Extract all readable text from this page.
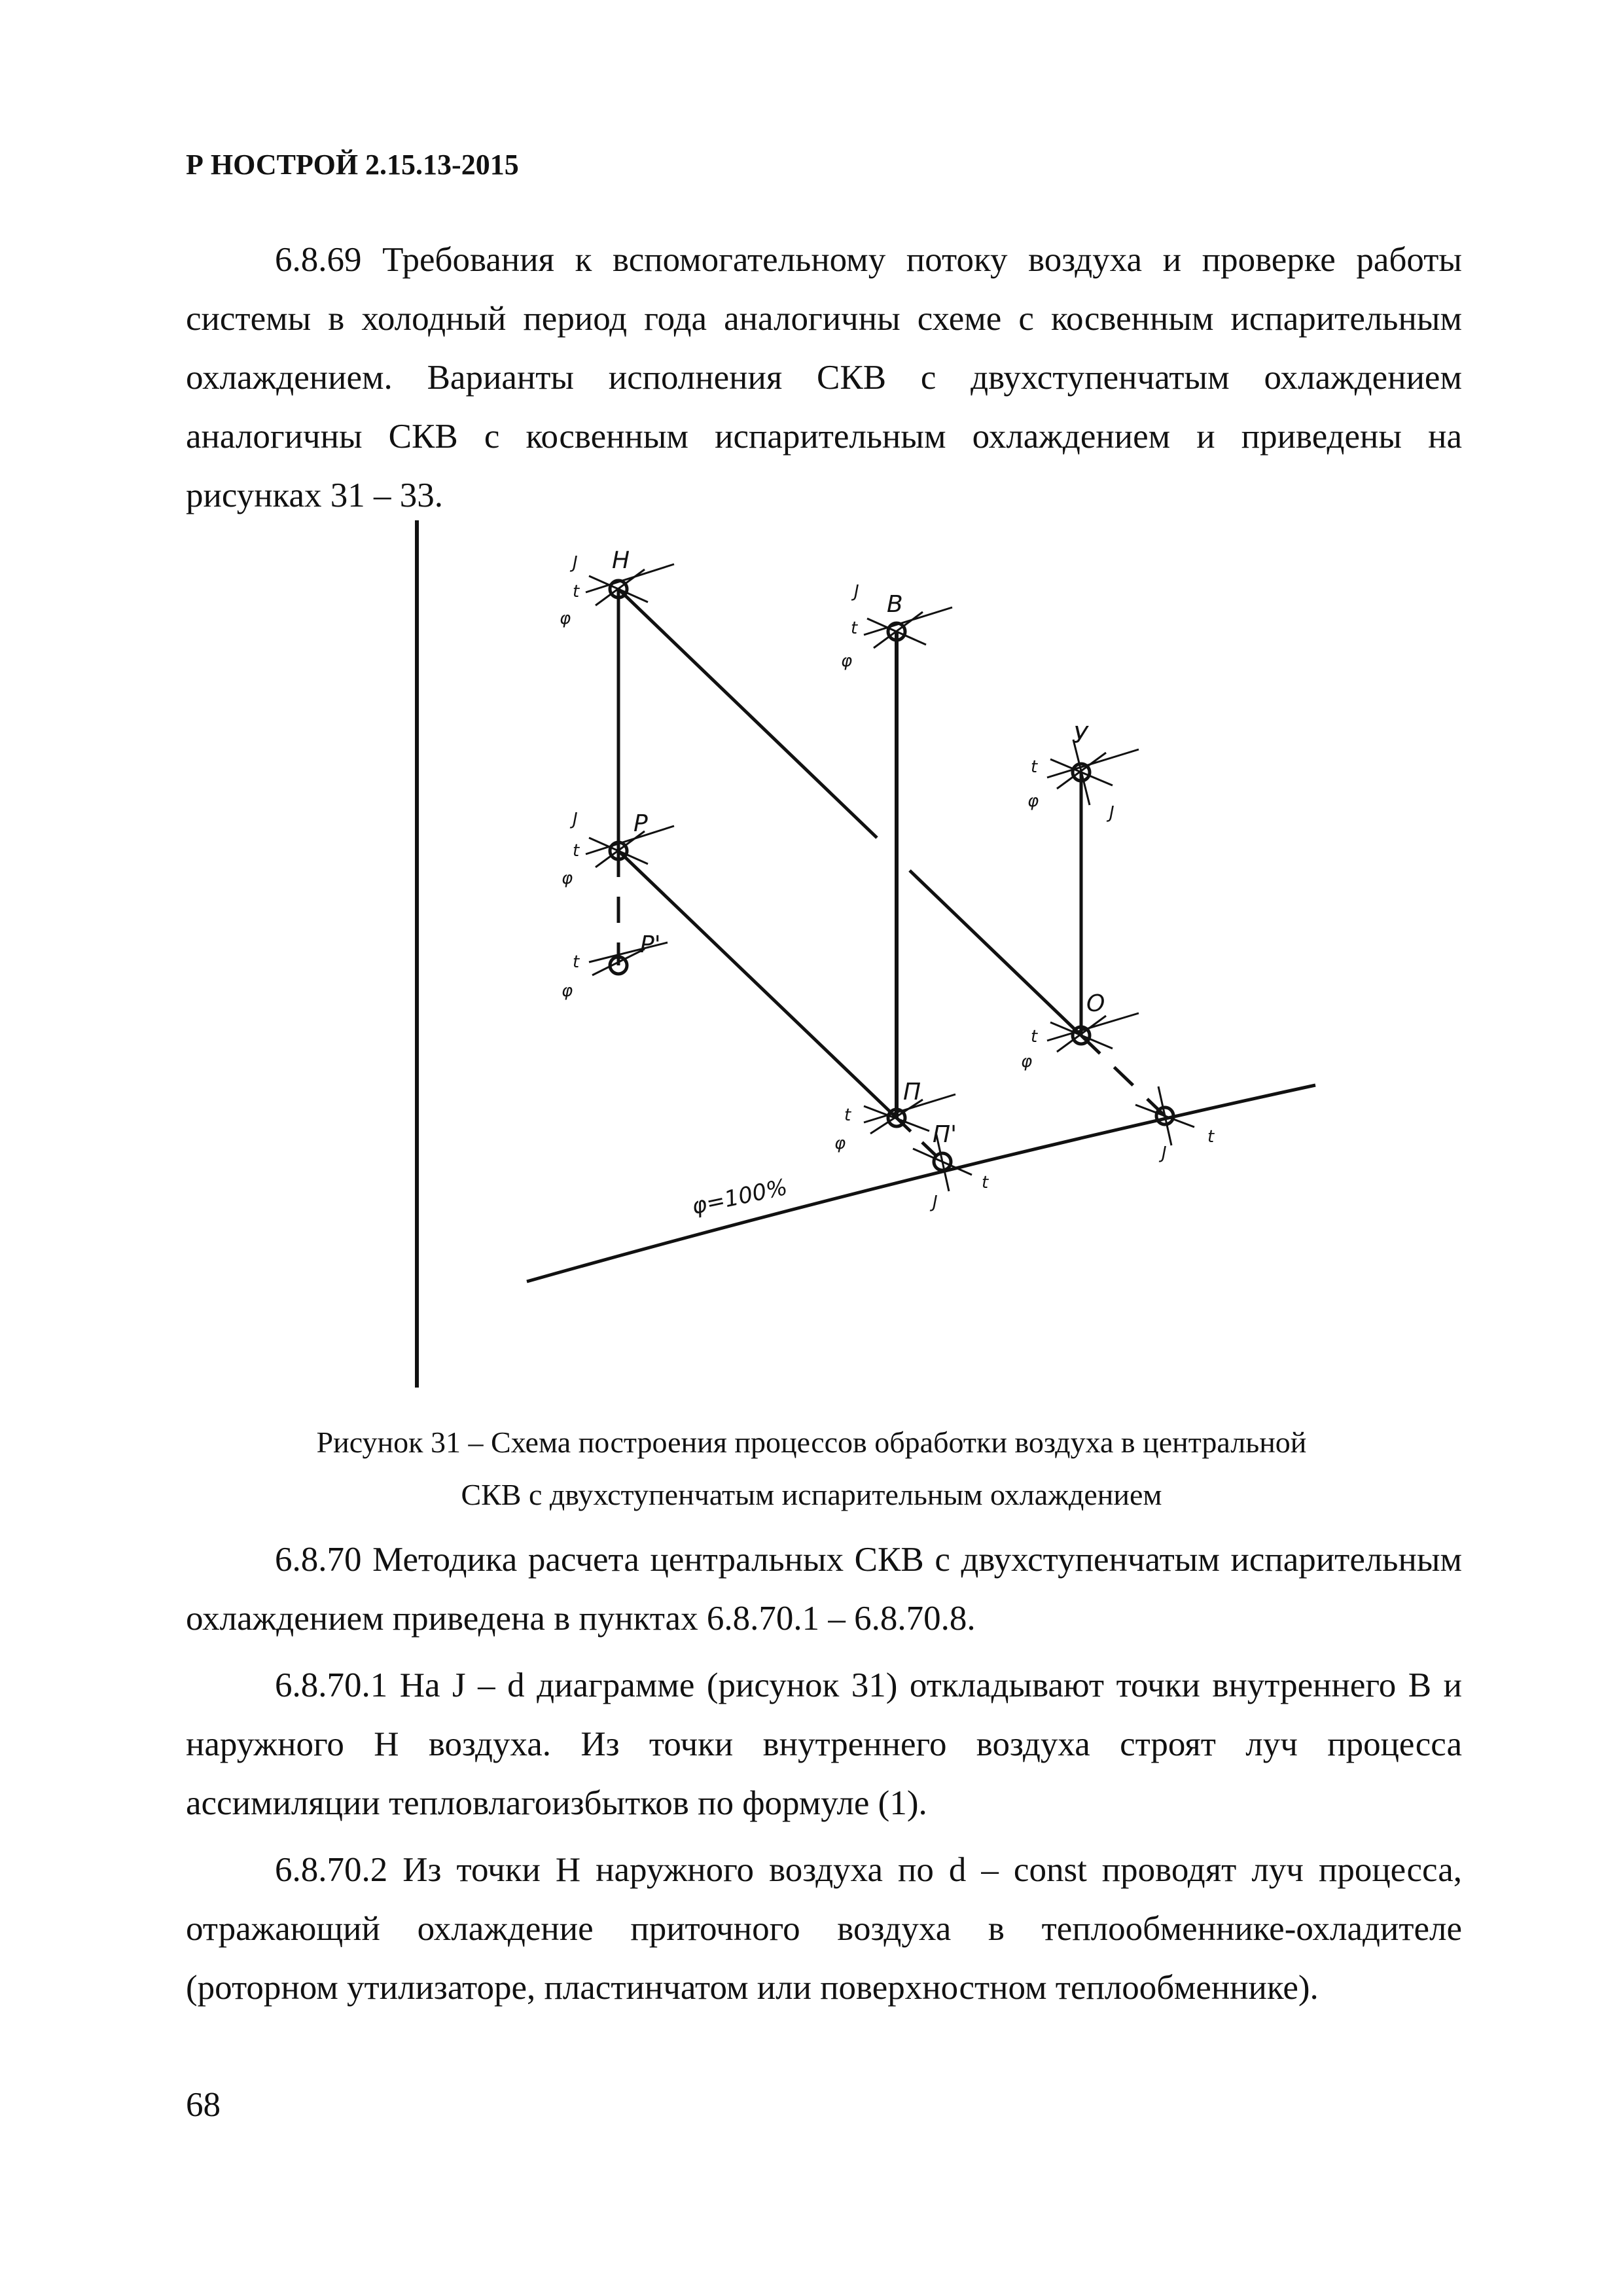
Р НОСТРОЙ 2.15.13-2015

6.8.69 Требования к вспомогательному потоку воздуха и проверке работы системы в холодный период года аналогичны схеме с косвенным испарительным охлаждением. Варианты исполнения СКВ с двухступенчатым охлаждением аналогичны СКВ с косвенным испарительным охлаждением и приведены на рисунках 31 – 33.

φ=100%
Н
J
t
φ
В
J
t
φ
Р
J
t
φ
Р'
t
φ
У
t
φ
J
О
t
φ
П
t
φ	П'
J
t
J
t

Рисунок 31 – Схема построения процессов обработки воздуха в центральной

СКВ с двухступенчатым испарительным охлаждением

6.8.70 Методика расчета центральных СКВ с двухступенчатым испарительным охлаждением приведена в пунктах 6.8.70.1 – 6.8.70.8.

6.8.70.1 На J – d диаграмме (рисунок 31) откладывают точки внутреннего В и наружного Н воздуха. Из точки внутреннего воздуха строят луч процесса ассимиляции тепловлагоизбытков по формуле (1).

6.8.70.2 Из точки Н наружного воздуха по d – const проводят луч процесса, отражающий охлаждение приточного воздуха в теплообменнике-охладителе (роторном утилизаторе, пластинчатом или поверхностном теплообменнике).

68
